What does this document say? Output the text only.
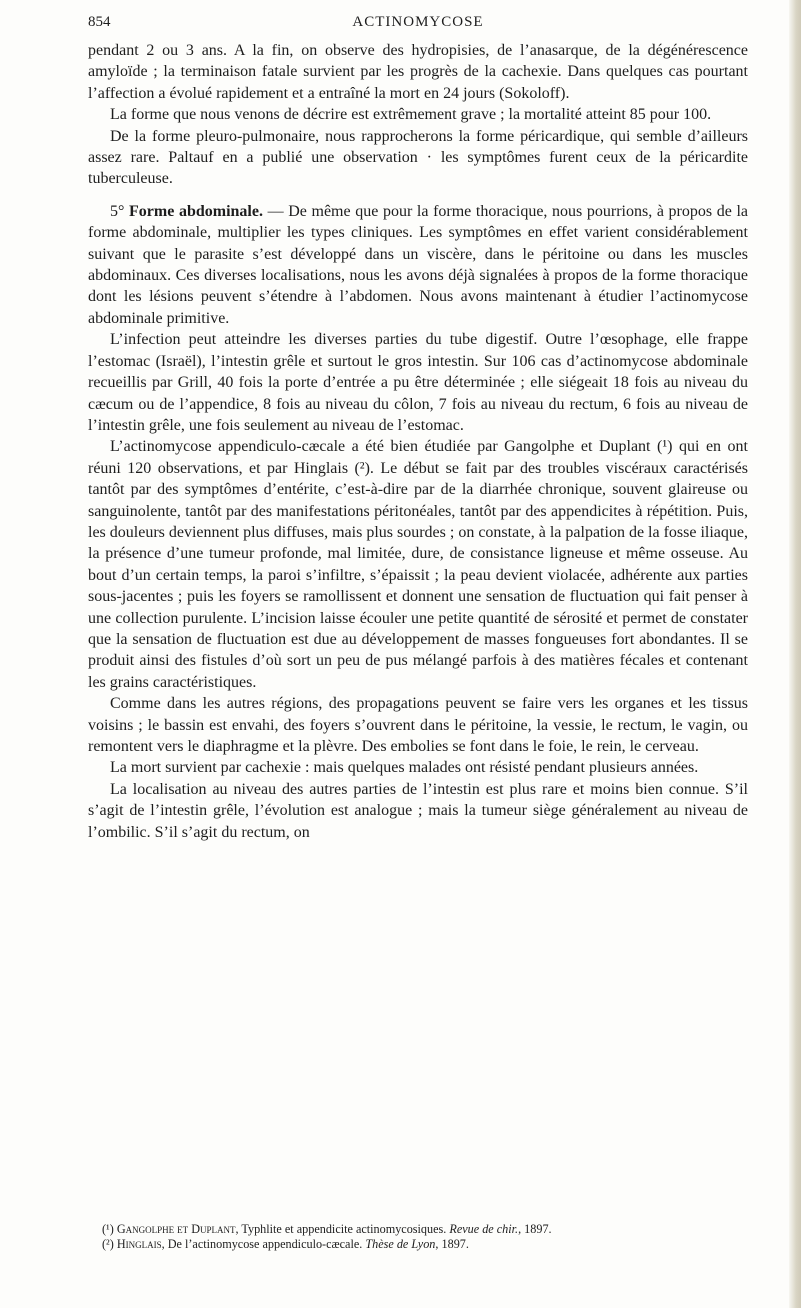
854	ACTINOMYCOSE

pendant 2 ou 3 ans. A la fin, on observe des hydropisies, de l’anasarque, de la dégénérescence amyloïde ; la terminaison fatale survient par les progrès de la cachexie. Dans quelques cas pourtant l’affection a évolué rapidement et a entraîné la mort en 24 jours (Sokoloff).

La forme que nous venons de décrire est extrêmement grave ; la mortalité atteint 85 pour 100.

De la forme pleuro-pulmonaire, nous rapprocherons la forme péricardique, qui semble d’ailleurs assez rare. Paltauf en a publié une observation · les symptômes furent ceux de la péricardite tuberculeuse.

5° Forme abdominale. — De même que pour la forme thoracique, nous pourrions, à propos de la forme abdominale, multiplier les types cliniques. Les symptômes en effet varient considérablement suivant que le parasite s’est développé dans un viscère, dans le péritoine ou dans les muscles abdominaux. Ces diverses localisations, nous les avons déjà signalées à propos de la forme thoracique dont les lésions peuvent s’étendre à l’abdomen. Nous avons maintenant à étudier l’actinomycose abdominale primitive.

L’infection peut atteindre les diverses parties du tube digestif. Outre l’œsophage, elle frappe l’estomac (Israël), l’intestin grêle et surtout le gros intestin. Sur 106 cas d’actinomycose abdominale recueillis par Grill, 40 fois la porte d’entrée a pu être déterminée ; elle siégeait 18 fois au niveau du cæcum ou de l’appendice, 8 fois au niveau du côlon, 7 fois au niveau du rectum, 6 fois au niveau de l’intestin grêle, une fois seulement au niveau de l’estomac.

L’actinomycose appendiculo-cæcale a été bien étudiée par Gangolphe et Duplant (¹) qui en ont réuni 120 observations, et par Hinglais (²). Le début se fait par des troubles viscéraux caractérisés tantôt par des symptômes d’entérite, c’est-à-dire par de la diarrhée chronique, souvent glaireuse ou sanguinolente, tantôt par des manifestations péritonéales, tantôt par des appendicites à répétition. Puis, les douleurs deviennent plus diffuses, mais plus sourdes ; on constate, à la palpation de la fosse iliaque, la présence d’une tumeur profonde, mal limitée, dure, de consistance ligneuse et même osseuse. Au bout d’un certain temps, la paroi s’infiltre, s’épaissit ; la peau devient violacée, adhérente aux parties sous-jacentes ; puis les foyers se ramollissent et donnent une sensation de fluctuation qui fait penser à une collection purulente. L’incision laisse écouler une petite quantité de sérosité et permet de constater que la sensation de fluctuation est due au développement de masses fongueuses fort abondantes. Il se produit ainsi des fistules d’où sort un peu de pus mélangé parfois à des matières fécales et contenant les grains caractéristiques.

Comme dans les autres régions, des propagations peuvent se faire vers les organes et les tissus voisins ; le bassin est envahi, des foyers s’ouvrent dans le péritoine, la vessie, le rectum, le vagin, ou remontent vers le diaphragme et la plèvre. Des embolies se font dans le foie, le rein, le cerveau.

La mort survient par cachexie : mais quelques malades ont résisté pendant plusieurs années.

La localisation au niveau des autres parties de l’intestin est plus rare et moins bien connue. S’il s’agit de l’intestin grêle, l’évolution est analogue ; mais la tumeur siège généralement au niveau de l’ombilic. S’il s’agit du rectum, on

(¹) Gangolphe et Duplant, Typhlite et appendicite actinomycosiques. Revue de chir., 1897.
(²) Hinglais, De l’actinomycose appendiculo-cæcale. Thèse de Lyon, 1897.
